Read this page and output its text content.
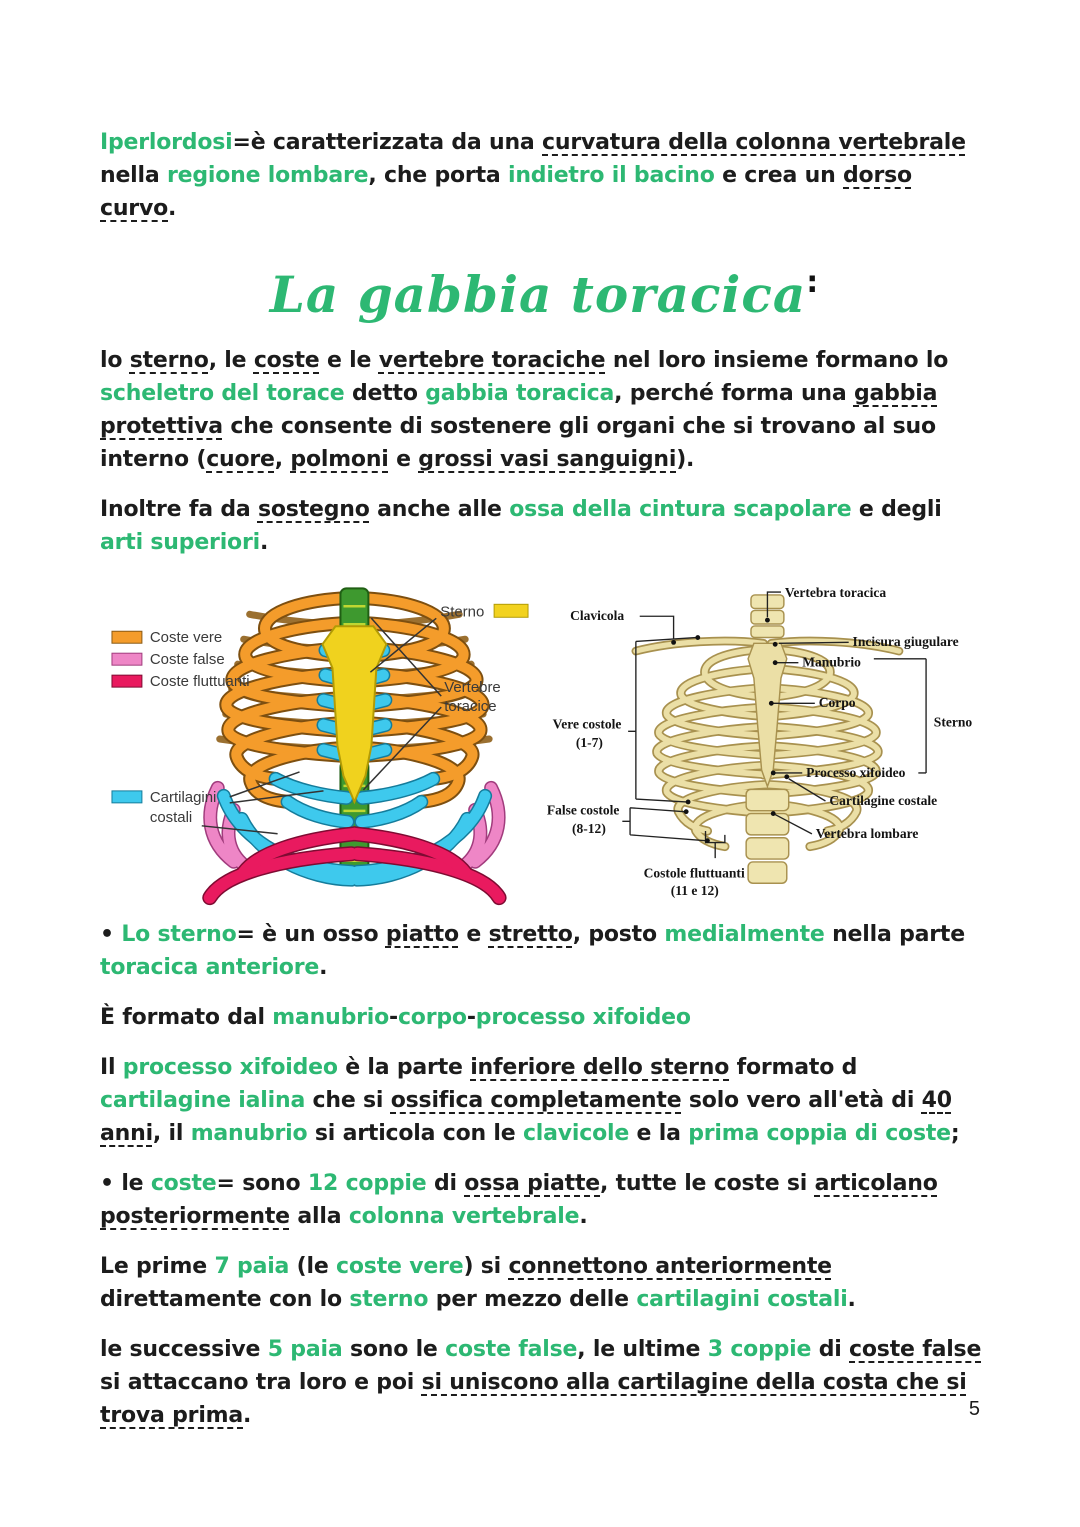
Iperlordosi=è caratterizzata da una curvatura della colonna vertebrale nella regione lombare, che porta indietro il bacino e crea un dorso curvo.

La gabbia toracica:

lo sterno, le coste e le vertebre toraciche nel loro insieme formano lo scheletro del torace detto gabbia toracica, perché forma una gabbia protettiva che consente di sostenere gli organi che si trovano al suo interno (cuore, polmoni e grossi vasi sanguigni).

Inoltre fa da sostegno anche alle ossa della cintura scapolare e degli arti superiori.

Coste vere
Coste false
Coste fluttuanti
Cartilagini
costali
Sterno
Vertebre
toracice
Clavicola
Vere costole
(1-7)
False costole
(8-12)
Costole fluttuanti
(11 e 12)
Vertebra toracica
Incisura giugulare
Manubrio
Corpo
Sterno
Processo xifoideo
Cartilagine costale
Vertebra lombare

• Lo sterno= è un osso piatto e stretto, posto medialmente nella parte toracica anteriore.

È formato dal manubrio-corpo-processo xifoideo

Il processo xifoideo è la parte inferiore dello sterno formato d cartilagine ialina che si ossifica completamente solo vero all'età di 40 anni, il manubrio si articola con le clavicole e la prima coppia di coste;

• le coste= sono 12 coppie di ossa piatte, tutte le coste si articolano posteriormente alla colonna vertebrale.

Le prime 7 paia (le coste vere) si connettono anteriormente direttamente con lo sterno per mezzo delle cartilagini costali.

le successive 5 paia sono le coste false, le ultime 3 coppie di coste false si attaccano tra loro e poi si uniscono alla cartilagine della costa che si trova prima.	5
